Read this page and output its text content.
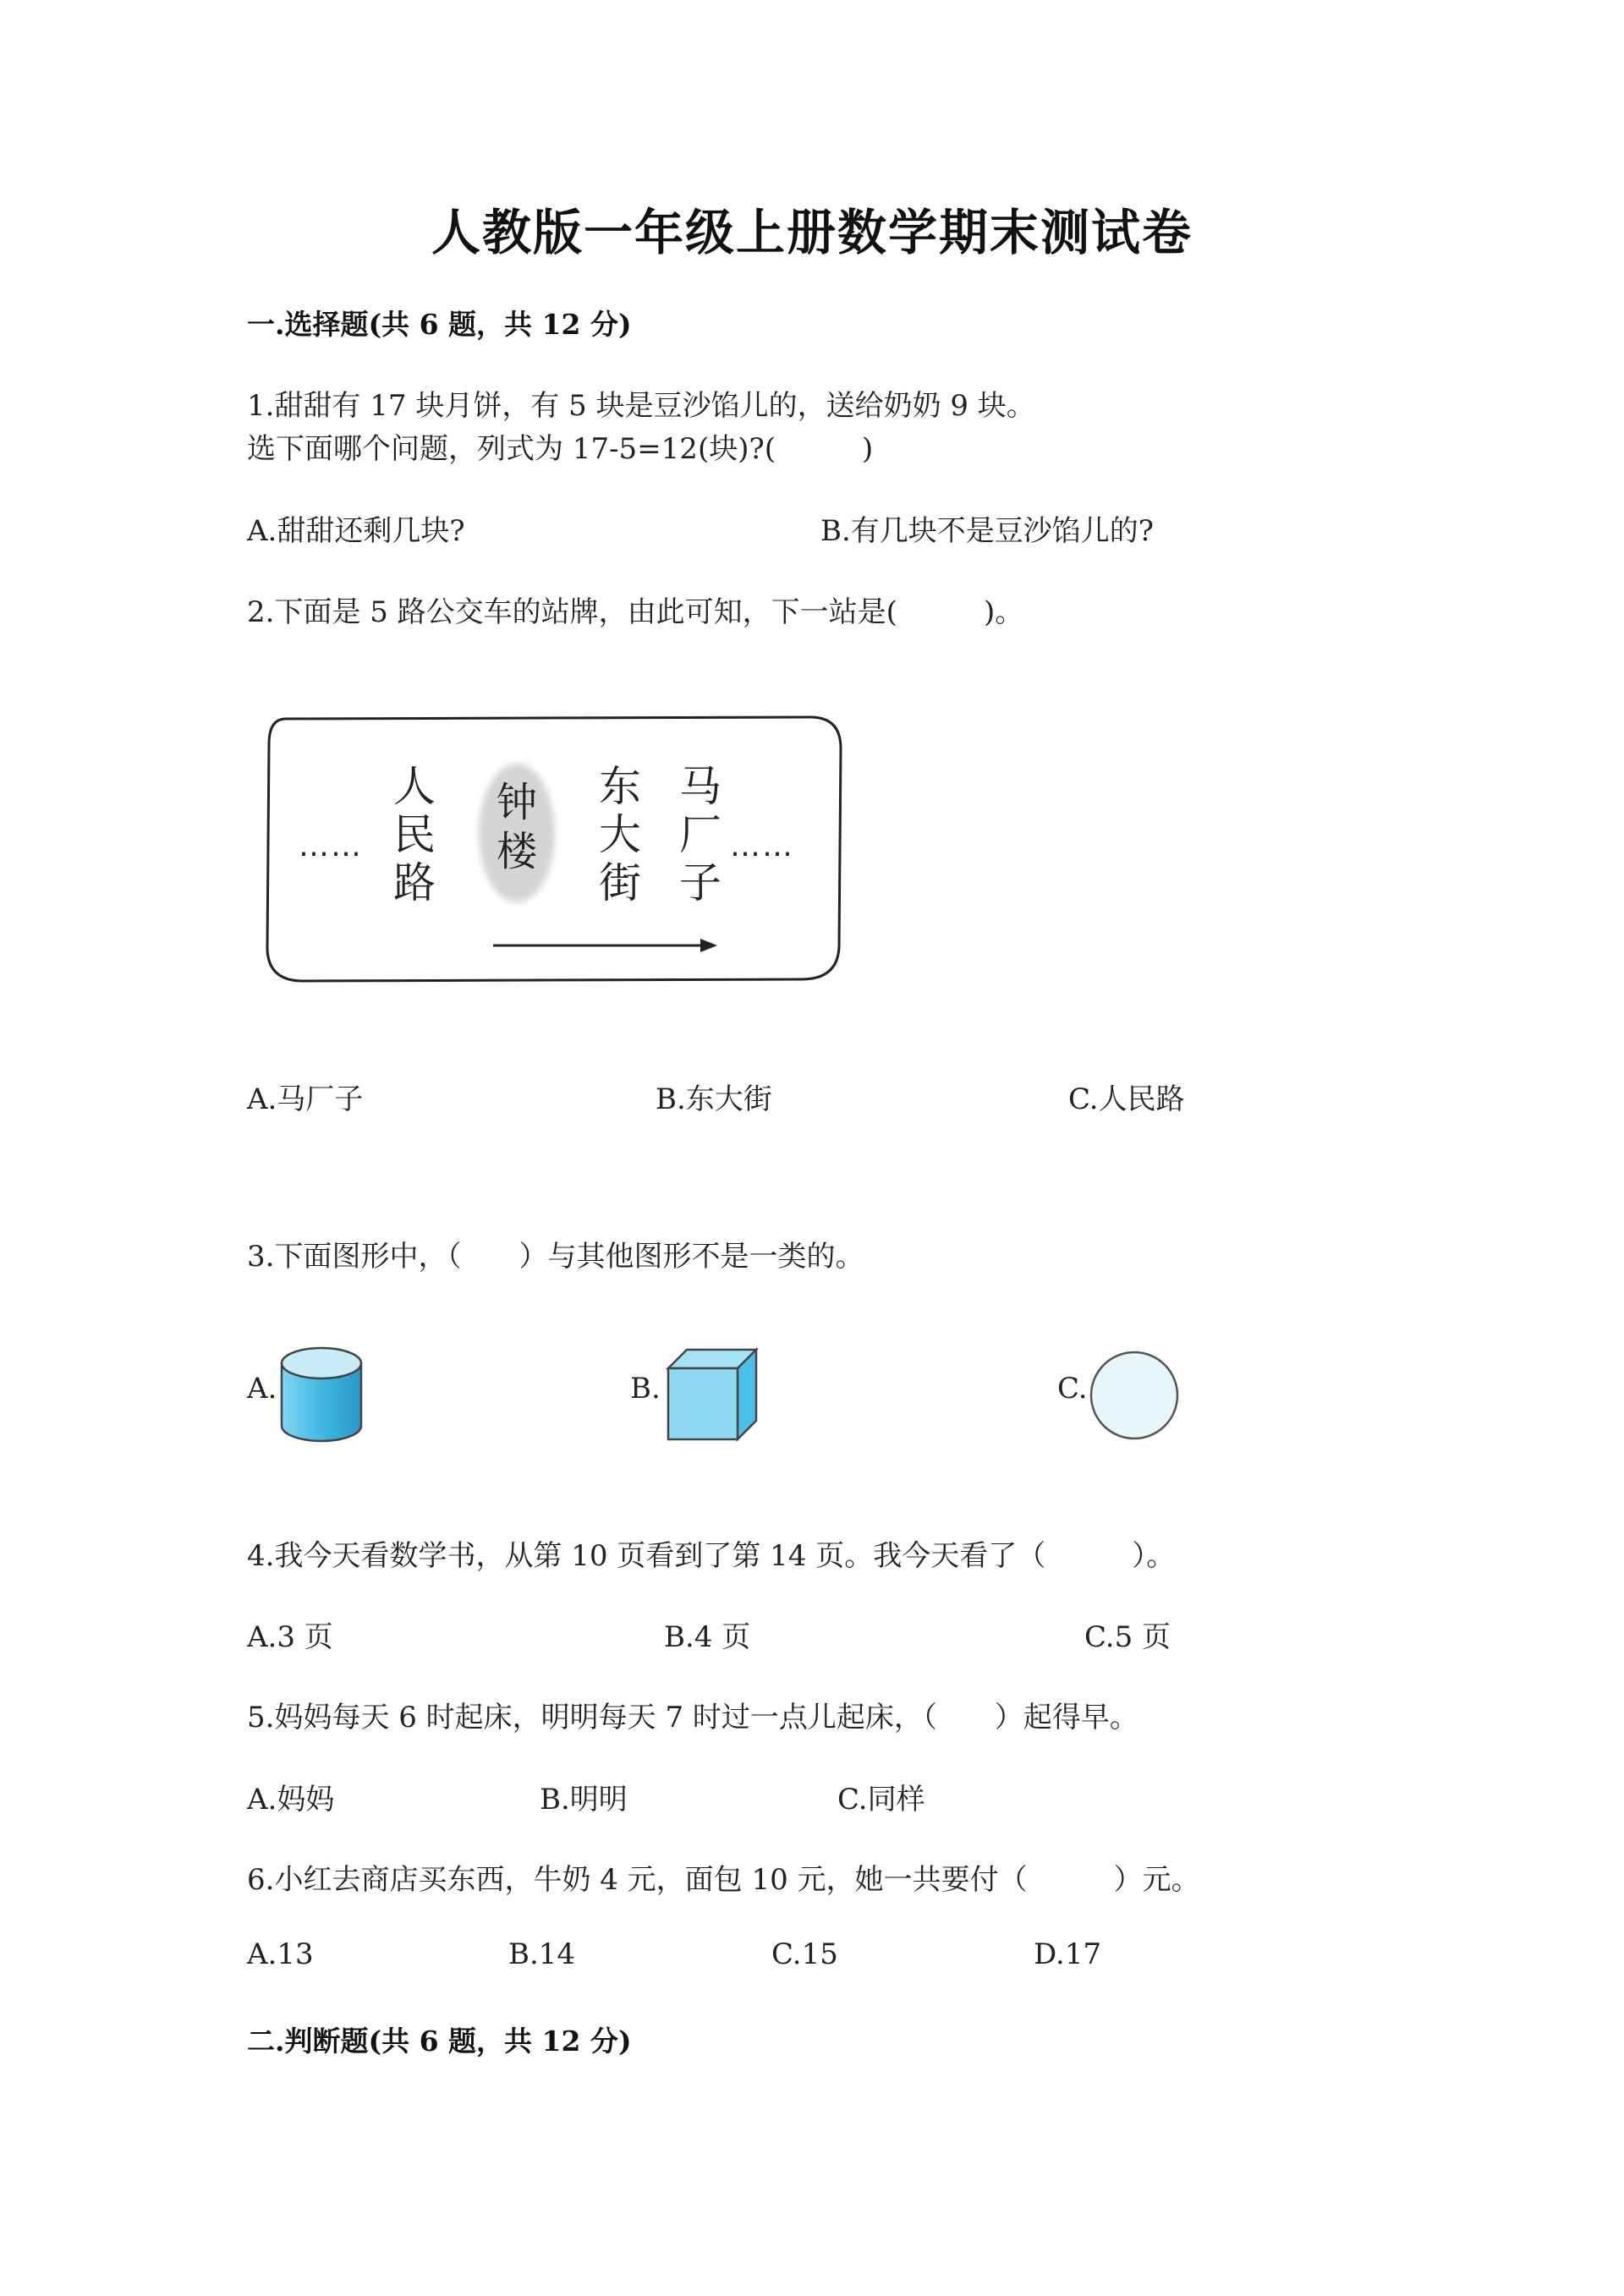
人教版一年级上册数学期末测试卷
一.选择题(共 6 题，共 12 分)
1.甜甜有 17 块月饼，有 5 块是豆沙馅儿的，送给奶奶 9 块。
选下面哪个问题，列式为 17-5=12(块)?(　　　)
A.甜甜还剩几块?	B.有几块不是豆沙馅儿的?
2.下面是 5 路公交车的站牌，由此可知，下一站是(　　　)。
……	……
人民路
钟楼
东大街
马厂子
A.马厂子	B.东大街	C.人民路
3.下面图形中，（　　）与其他图形不是一类的。
A.	B.	C.
4.我今天看数学书，从第 10 页看到了第 14 页。我今天看了（　　　）。
A.3 页	B.4 页	C.5 页
5.妈妈每天 6 时起床，明明每天 7 时过一点儿起床，（　　）起得早。
A.妈妈	B.明明	C.同样
6.小红去商店买东西，牛奶 4 元，面包 10 元，她一共要付（　　　）元。
A.13	B.14	C.15	D.17
二.判断题(共 6 题，共 12 分)
